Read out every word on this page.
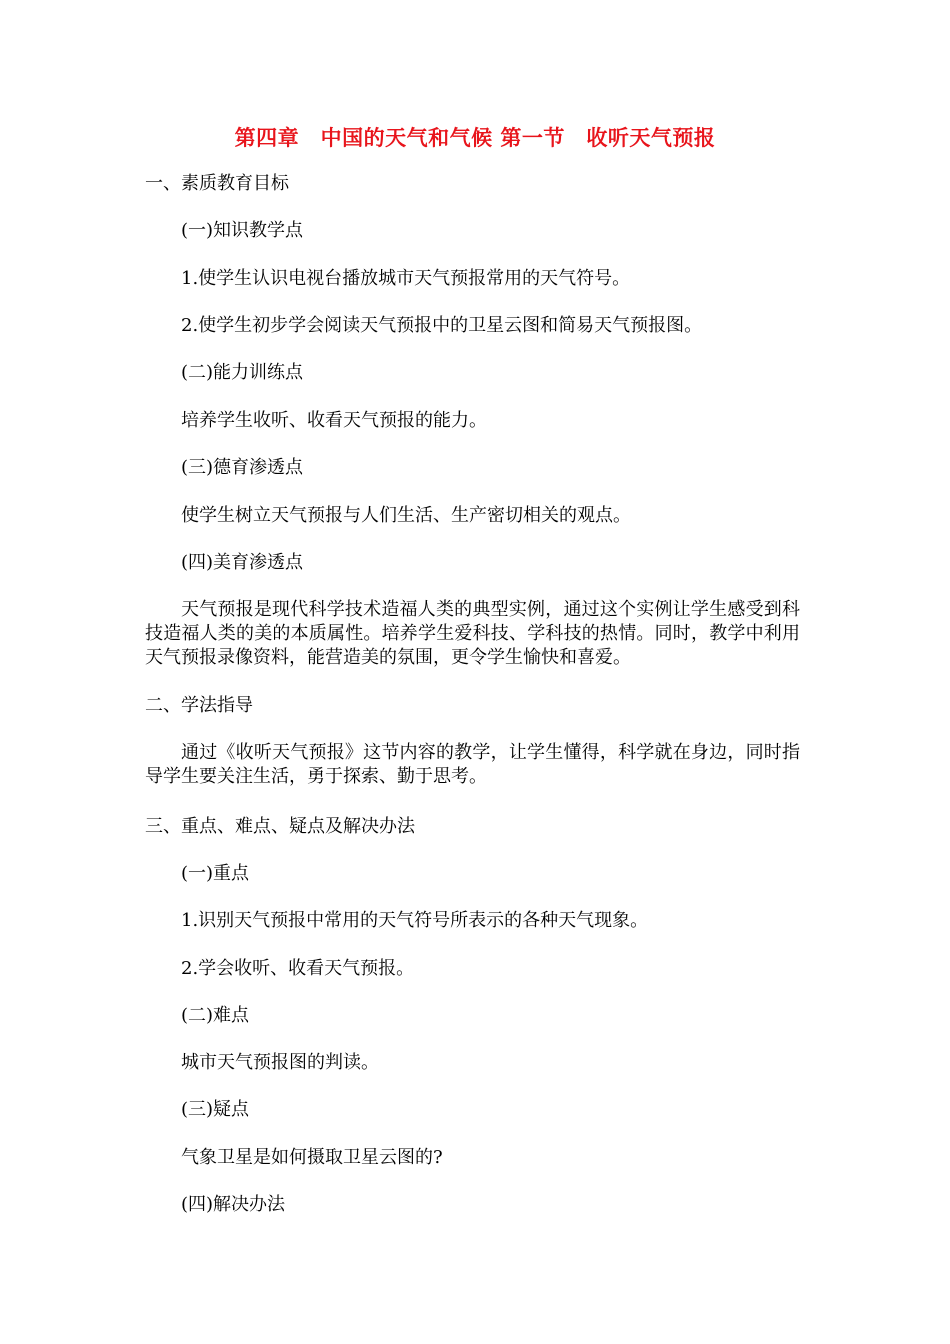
第四章　中国的天气和气候 第一节　收听天气预报
一、素质教育目标
(一)知识教学点
1.使学生认识电视台播放城市天气预报常用的天气符号。
2.使学生初步学会阅读天气预报中的卫星云图和简易天气预报图。
(二)能力训练点
培养学生收听、收看天气预报的能力。
(三)德育渗透点
使学生树立天气预报与人们生活、生产密切相关的观点。
(四)美育渗透点
天气预报是现代科学技术造福人类的典型实例，通过这个实例让学生感受到科技造福人类的美的本质属性。培养学生爱科技、学科技的热情。同时，教学中利用天气预报录像资料，能营造美的氛围，更令学生愉快和喜爱。
二、学法指导
通过《收听天气预报》这节内容的教学，让学生懂得，科学就在身边，同时指导学生要关注生活，勇于探索、勤于思考。
三、重点、难点、疑点及解决办法
(一)重点
1.识别天气预报中常用的天气符号所表示的各种天气现象。
2.学会收听、收看天气预报。
(二)难点
城市天气预报图的判读。
(三)疑点
气象卫星是如何摄取卫星云图的?
(四)解决办法
